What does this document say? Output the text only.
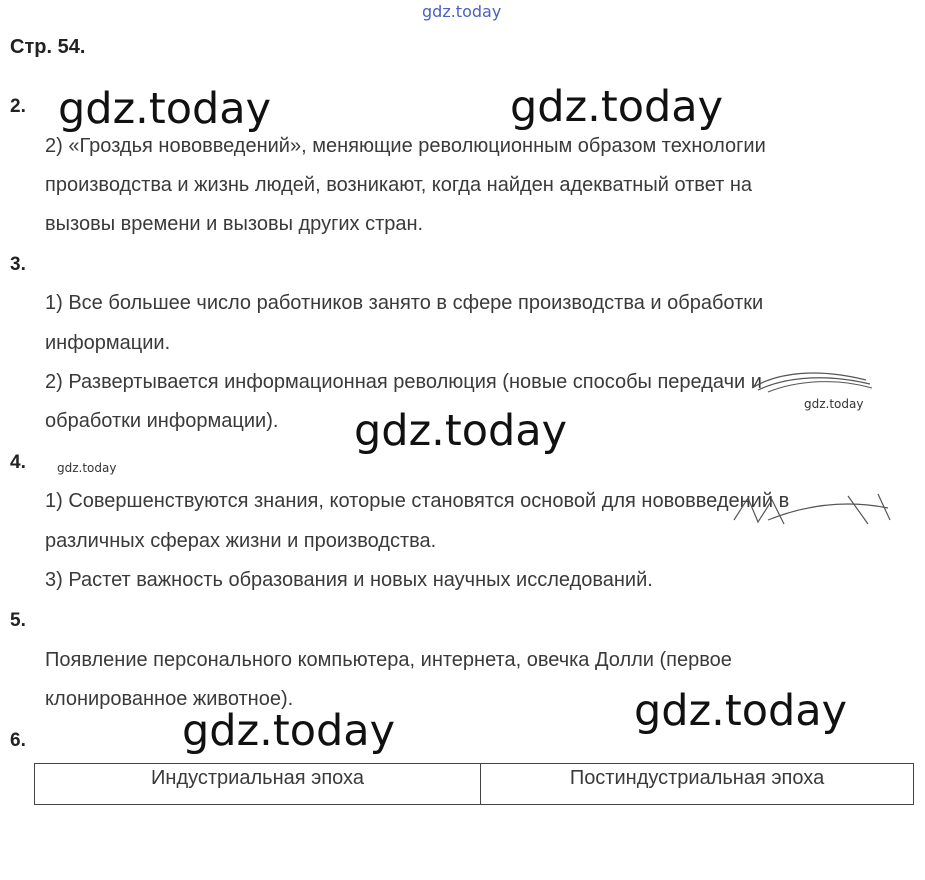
gdz.today
Стр. 54.
2.
2) «Гроздья нововведений», меняющие революционным образом технологии
производства и жизнь людей, возникают, когда найден адекватный ответ на
вызовы времени и вызовы других стран.
3.
1) Все большее число работников занято в сфере производства и обработки
информации.
2) Развертывается информационная революция (новые способы передачи и
обработки информации).
4.
1) Совершенствуются знания, которые становятся основой для нововведений в
различных сферах жизни и производства.
3) Растет важность образования и новых научных исследований.
5.
Появление персонального компьютера, интернета, овечка Долли (первое
клонированное животное).
6.
Индустриальная эпоха	Постиндустриальная эпоха
gdz.today	gdz.today
gdz.today
gdz.today
gdz.today
gdz.today
gdz.today
